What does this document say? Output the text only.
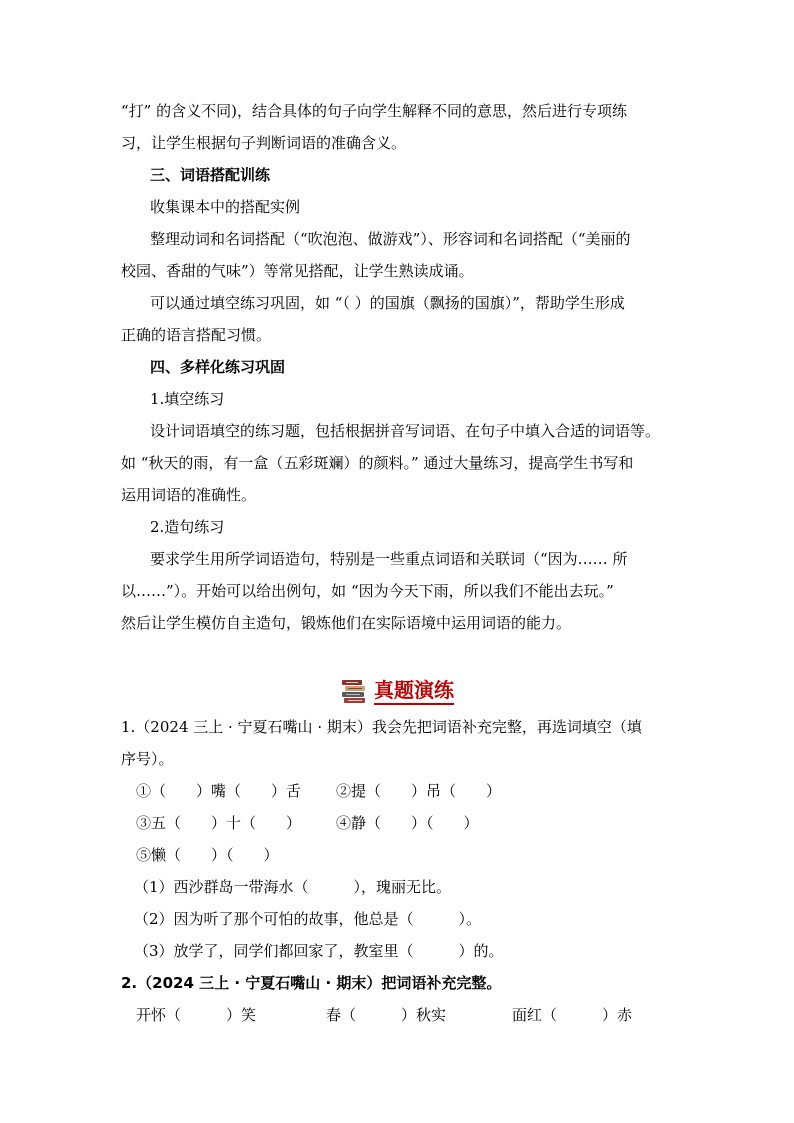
“打” 的含义不同)，结合具体的句子向学生解释不同的意思，然后进行专项练
习，让学生根据句子判断词语的准确含义。
三、词语搭配训练
收集课本中的搭配实例
整理动词和名词搭配（“吹泡泡、做游戏”）、形容词和名词搭配（“美丽的
校园、香甜的气味”）等常见搭配，让学生熟读成诵。
可以通过填空练习巩固，如 “（ ）的国旗（飘扬的国旗）”，帮助学生形成
正确的语言搭配习惯。
四、多样化练习巩固
1.填空练习
设计词语填空的练习题，包括根据拼音写词语、在句子中填入合适的词语等。
如 “秋天的雨，有一盒（五彩斑斓）的颜料。” 通过大量练习，提高学生书写和
运用词语的准确性。
2.造句练习
要求学生用所学词语造句，特别是一些重点词语和关联词（“因为…… 所
以……”）。开始可以给出例句，如 “因为今天下雨，所以我们不能出去玩。”
然后让学生模仿自主造句，锻炼他们在实际语境中运用词语的能力。
真题演练
1.（2024 三上 · 宁夏石嘴山 · 期末）我会先把词语补充完整，再选词填空（填
序号）。
①（　　）嘴（　　）舌 ②提（　　）吊（　　）
③五（　　）十（　　） ④静（　　）（　　）
⑤懒（　　）（　　）
（1）西沙群岛一带海水（　　　），瑰丽无比。
（2）因为听了那个可怕的故事，他总是（　　　）。
（3）放学了，同学们都回家了，教室里（　　　）的。
2.（2024 三上 · 宁夏石嘴山 · 期末）把词语补充完整。
开怀（　　　）笑	春（　　　）秋实	面红（　　　）赤
